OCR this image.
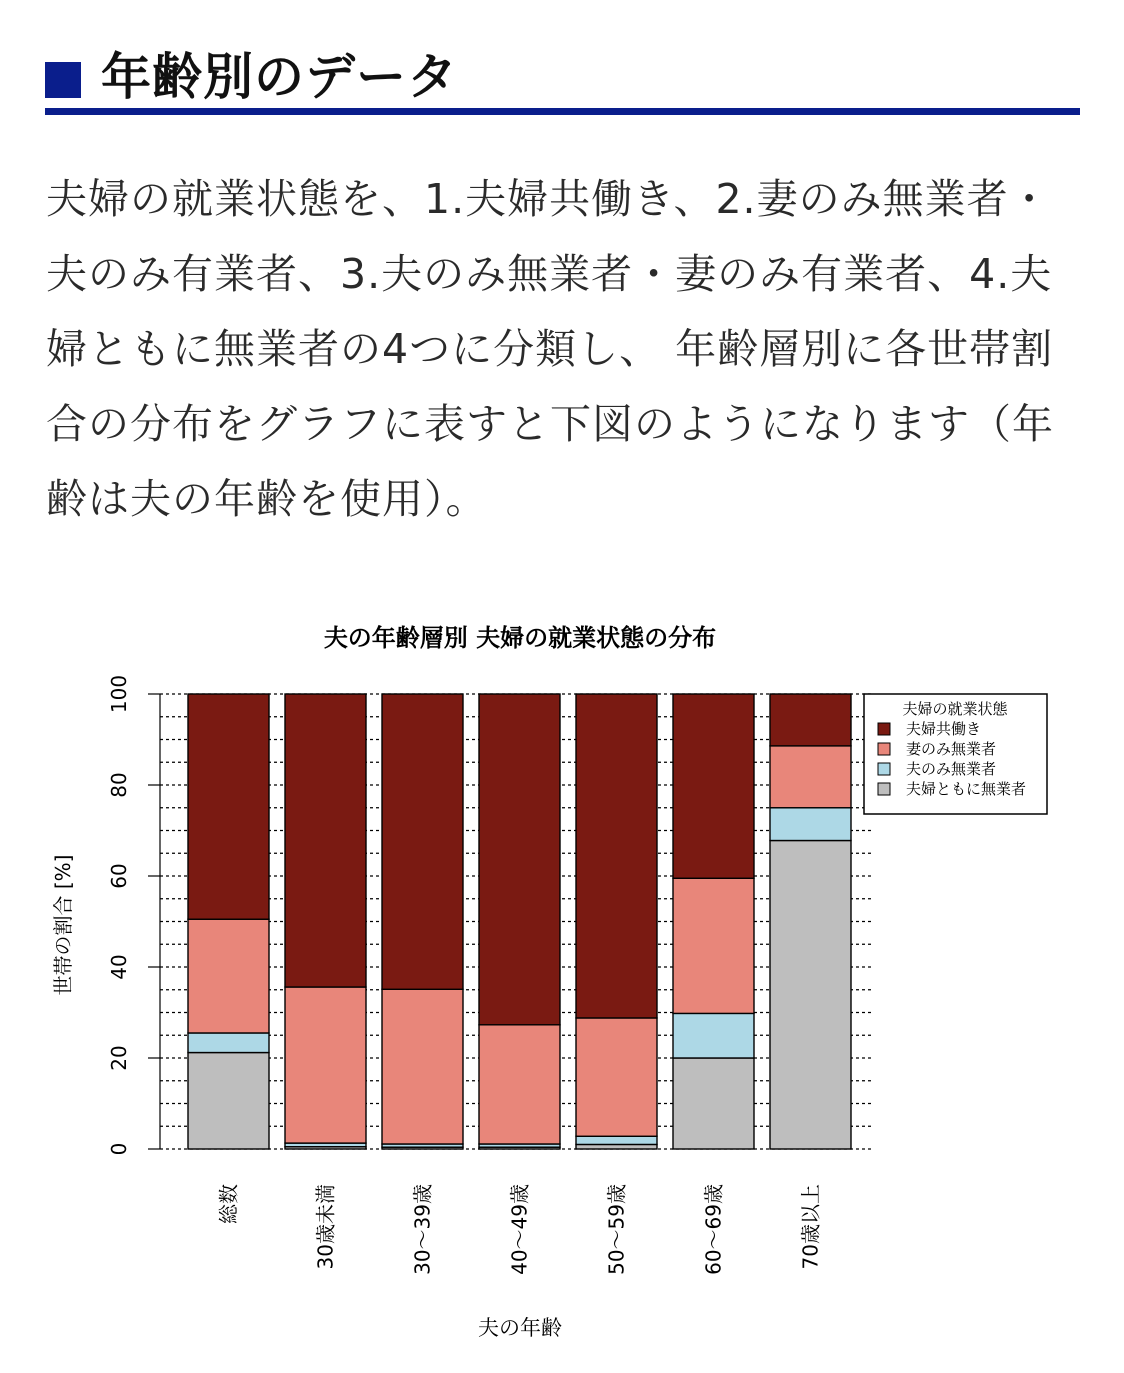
年齢別のデータ

夫婦の就業状態を、1.夫婦共働き、2.妻のみ無業者・夫のみ有業者、3.夫のみ無業者・妻のみ有業者、4.夫婦ともに無業者の4つに分類し、 年齢層別に各世帯割合の分布をグラフに表すと下図のようになります（年齢は夫の年齢を使用）。

夫の年齢層別 夫婦の就業状態の分布
0
20
40
60
80
100
総数	30歳未満	30～39歳	40～49歳	50～59歳	60～69歳	70歳以上
世帯の割合 [%]
夫の年齢
夫婦の就業状態
夫婦共働き
妻のみ無業者
夫のみ無業者
夫婦ともに無業者
